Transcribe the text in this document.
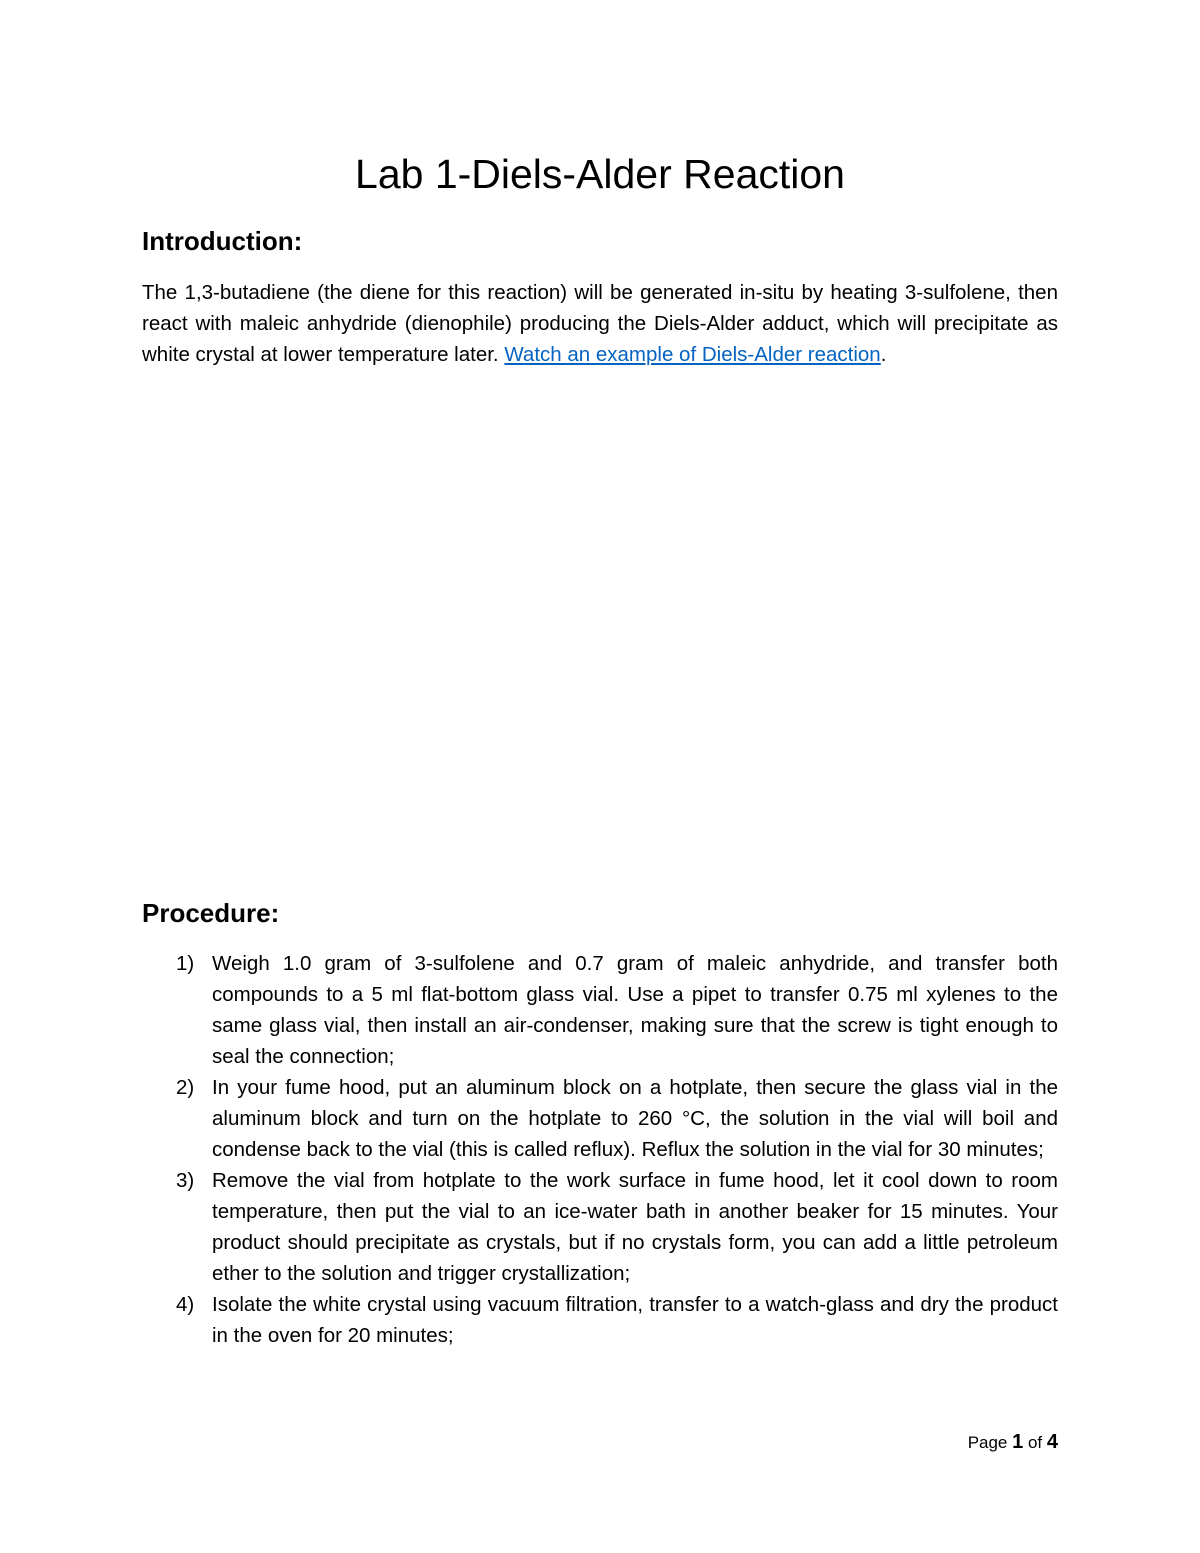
Lab 1-Diels-Alder Reaction
Introduction:

The 1,3-butadiene (the diene for this reaction) will be generated in-situ by heating 3-sulfolene, then react with maleic anhydride (dienophile) producing the Diels-Alder adduct, which will precipitate as white crystal at lower temperature later. Watch an example of Diels-Alder reaction.

Procedure:
1) Weigh 1.0 gram of 3-sulfolene and 0.7 gram of maleic anhydride, and transfer both compounds to a 5 ml flat-bottom glass vial. Use a pipet to transfer 0.75 ml xylenes to the same glass vial, then install an air-condenser, making sure that the screw is tight enough to seal the connection;
2) In your fume hood, put an aluminum block on a hotplate, then secure the glass vial in the aluminum block and turn on the hotplate to 260 °C, the solution in the vial will boil and condense back to the vial (this is called reflux). Reflux the solution in the vial for 30 minutes;
3) Remove the vial from hotplate to the work surface in fume hood, let it cool down to room temperature, then put the vial to an ice-water bath in another beaker for 15 minutes. Your product should precipitate as crystals, but if no crystals form, you can add a little petroleum ether to the solution and trigger crystallization;
4) Isolate the white crystal using vacuum filtration, transfer to a watch-glass and dry the product in the oven for 20 minutes;
Page 1 of 4
